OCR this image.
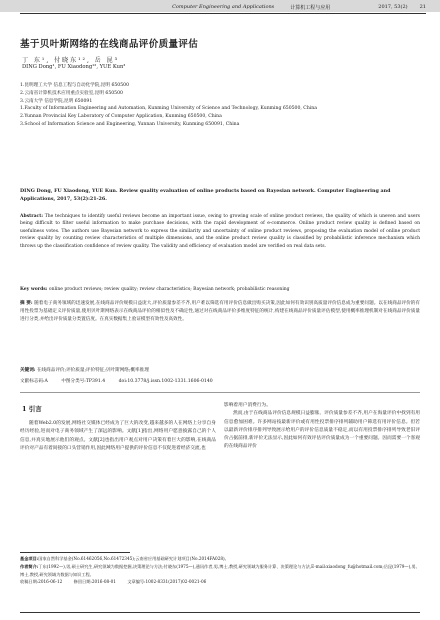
Computer Engineering and Applications	计算机工程与应用	2017, 53(2) 21
基于贝叶斯网络的在线商品评价质量评估
丁 东¹, 付晓东¹², 岳 昆³
DING Dong¹, FU Xiaodong¹², YUE Kun³
1.昆明理工大学 信息工程与自动化学院,昆明 650500
2.云南省计算机技术应用重点实验室,昆明 650500
3.云南大学 信息学院,昆明 650091
1.Faculty of Information Engineering and Automation, Kunming University of Science and Technology, Kunming 650500, China
2.Yunnan Provincial Key Laboratory of Computer Application, Kunming 650500, China
3.School of Information Science and Engineering, Yunnan University, Kunming 650091, China
DING Dong, FU Xiaodong, YUE Kun. Review quality evaluation of online products based on Bayesian network. Computer Engineering and Applications, 2017, 53(2):21-26.
Abstract: The techniques to identify useful reviews become an important issue, owing to growing scale of online product reviews, the quality of which is uneven and users being difficult to filter useful information to make purchase decisions, with the rapid development of e-commerce. Online product review quality is defined based on usefulness votes. The authors use Bayesian network to express the similarity and uncertainty of online product reviews, proposing the evaluation model of online product review quality by counting review characteristics of multiple dimensions, and the online product review quality is classified by probabilistic inference mechanism which throws up the classification confidence of review quality. The validity and efficiency of evaluation model are verified on real data sets.
Key words: online product reviews; review quality; review characteristics; Bayesian network; probabilistic reasoning
摘 要: 随着电子商务领域的迅速发展,在线商品评价规模日益庞大,评价质量参差不齐,用户难以筛选有用评价信息做出购买决策,因此如何有效识别高质量评价信息成为重要问题。以在线商品评价的有用性投票为基础定义评价质量,使用贝叶斯网络表示在线商品评价的相似性及不确定性,通过对在线商品评价多维度特征的统计,构建在线商品评价质量评估模型,使用概率推理机制对在线商品评价质量进行分类,并给出评价质量分类置信度。在真实数据集上验证模型有效性及高效性。
关键词: 在线商品评价;评价质量;评价特征;贝叶斯网络;概率推理
文献标志码:A	中图分类号:TP391.4	doi:10.3778/j.issn.1002-1331.1606-0140
1 引言
随着Web2.0的发展,网络社交媒体已经成为了巨大的改变,越来越多的人在网络上分享自身经历经验,进而对电子商务领域产生了深远的影响。文献[1]指出,网络用户愿意披露自己的个人信息,并真实地展示他们的观点。文献[2]也指出用户观点对用户决策有着巨大的影响,在线商品评价对产品有着间接的口头营销作用,因此网络用户提供的评价信息不仅促进着经济交流,也
影响着用户消费行为。
然而,由于在线商品评价信息规模日益膨胀、评价质量参差不齐,用户在海量评价中找到有用信息愈加困难。许多网站按最新评价或有用性投票排序排列辅助用户筛选有用评价信息。但若以最新评价排序排列导致展示给用户的评价信息质量不稳定,而以有用投票排序排列导致老旧评价占据前排,新评价无法显示,因此如何有效评估评价质量成为一个重要问题。因而需要一个客观的在线商品评价
基金项目:国家自然科学基金(No.61462056,No.61472345);云南省应用基础研究计划项目(No.2014FA028)。
作者简介:丁东(1992—),男,硕士研究生,研究领域为数据挖掘,决策理论与方法;付晓东(1975—),通讯作者,男,博士,教授,研究领域为服务计算、决策理论与方法,E-mail:xiaodong_fu@hotmail.com;岳昆(1979—),男,博士,教授,研究领域为数据与知识工程。
收稿日期:2016-06-12	修回日期:2016-08-01	文章编号:1002-8331(2017)02-0021-06
